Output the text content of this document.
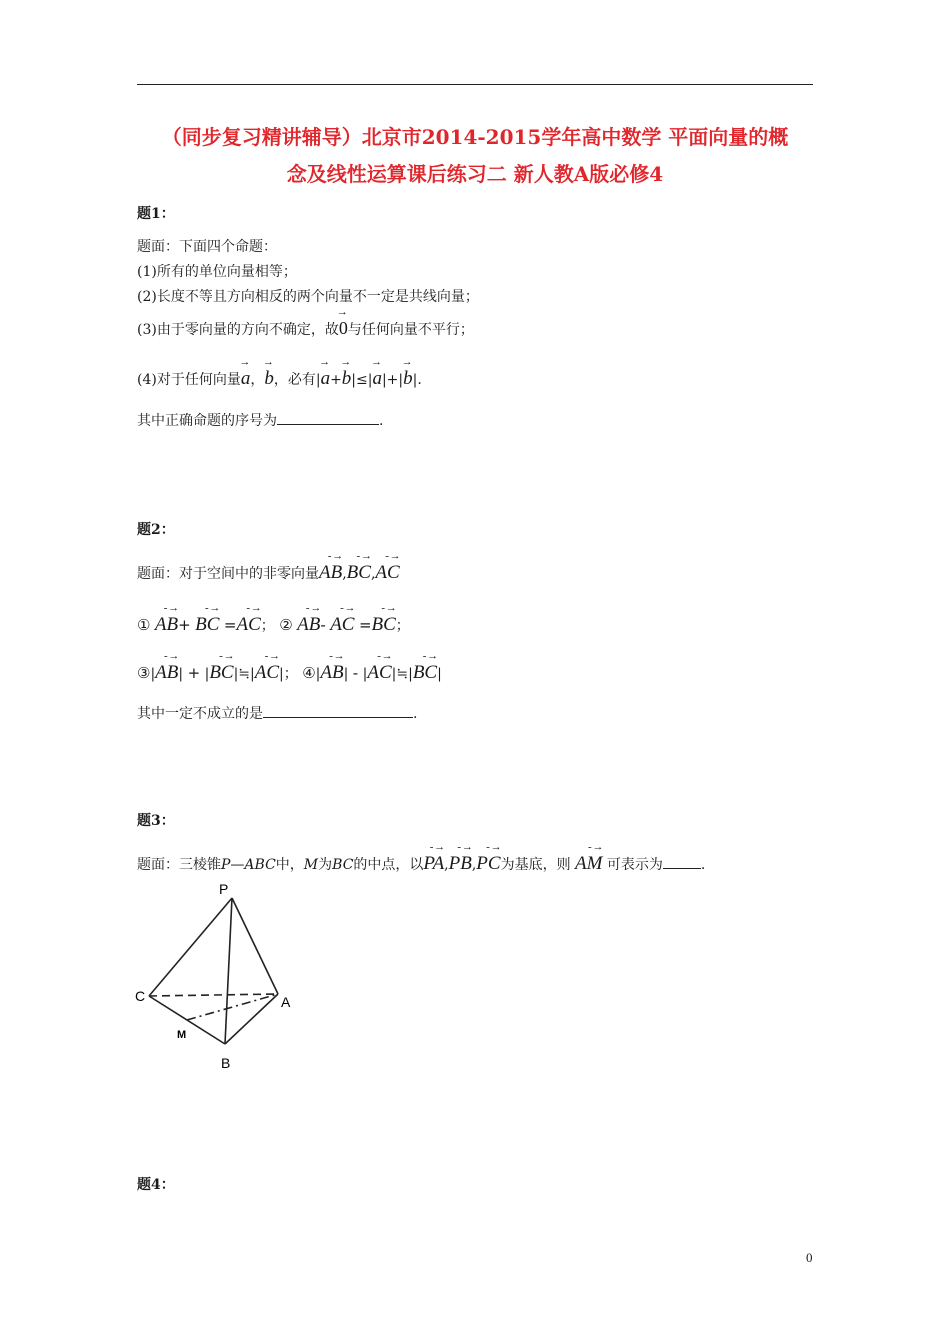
（同步复习精讲辅导）北京市2014-2015学年高中数学 平面向量的概
念及线性运算课后练习二 新人教A版必修4
题1：
题面：下面四个命题：
(1)所有的单位向量相等；
(2)长度不等且方向相反的两个向量不一定是共线向量；
(3)由于零向量的方向不确定，故→ 0与任何向量不平行；
(4)对于任何向量→ a，→ b，必有|→ a+→ b|≤|→ a|+|→ b|.
其中正确命题的序号为	.
题2：
题面：对于空间中的非零向量- → AB,- → BC,- → AC
① - → AB+ - → BC =- → AC； ② - → AB- - → AC =- → BC；
③|- → AB| + |- → BC|≒|- → AC|； ④|- → AB| - |- → AC|≒|- → BC|
其中一定不成立的是	.
题3：
题面：三棱锥P—ABC中，M为BC的中点，以- → PA,- → PB,- → PC为基底，则 - → AM 可表示为	.
P
C	A
M
B
题4：
0
